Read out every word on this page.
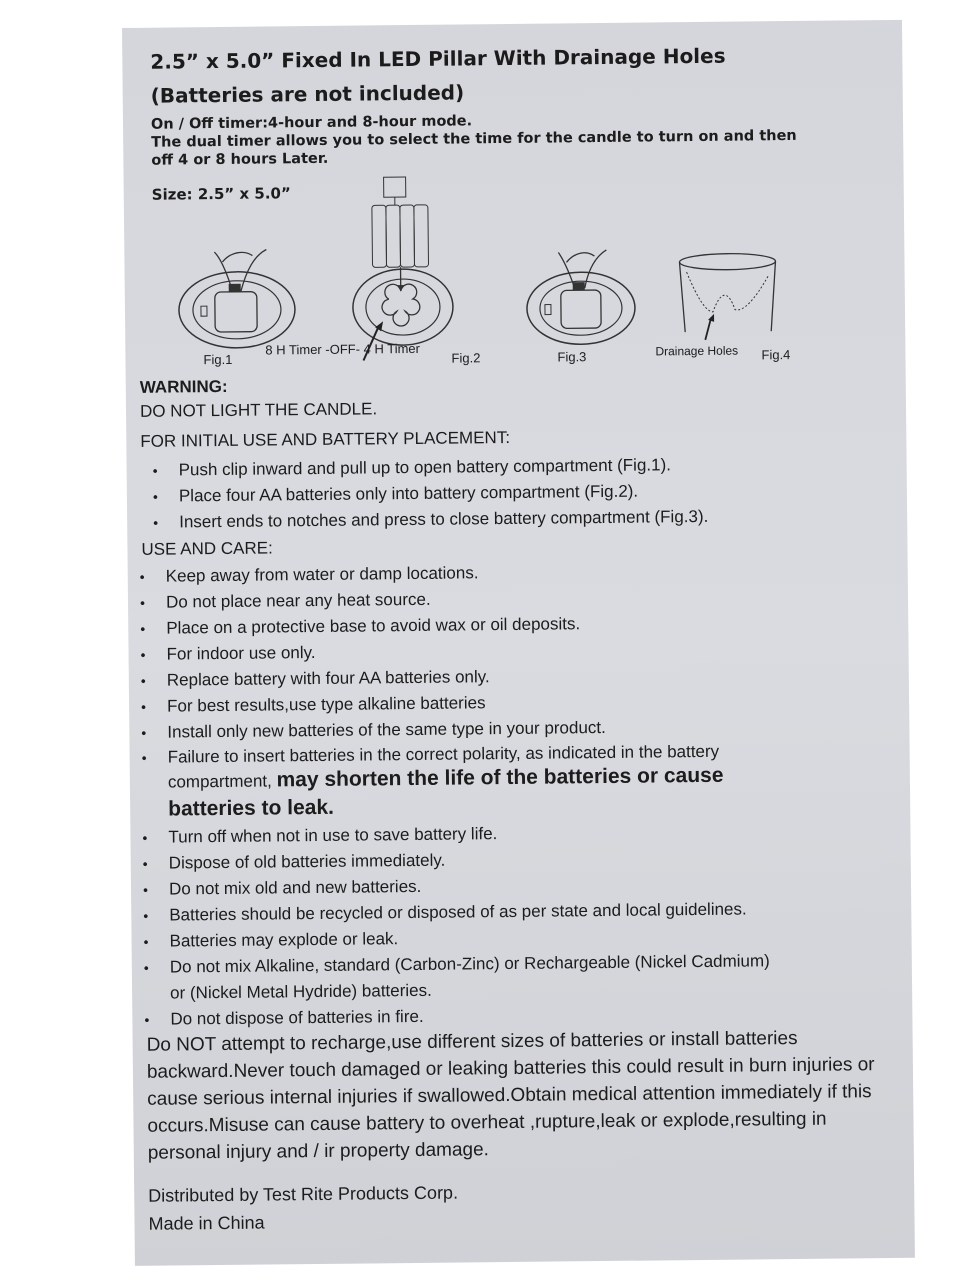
2.5” x 5.0” Fixed In LED Pillar With Drainage Holes
(Batteries are not included)
On / Off timer:4-hour and 8-hour mode.
The dual timer allows you to select the time for the candle to turn on and then off 4 or 8 hours Later.
Size: 2.5” x 5.0”
Fig.1
8 H Timer -OFF- 4 H Timer
Fig.2	Fig.3	Drainage Holes Fig.4
WARNING:
DO NOT LIGHT THE CANDLE.
FOR INITIAL USE AND BATTERY PLACEMENT:
• Push clip inward and pull up to open battery compartment (Fig.1).
• Place four AA batteries only into battery compartment (Fig.2).
• Insert ends to notches and press to close battery compartment (Fig.3).
USE AND CARE:
• Keep away from water or damp locations.
• Do not place near any heat source.
• Place on a protective base to avoid wax or oil deposits.
• For indoor use only.
• Replace battery with four AA batteries only.
• For best results,use type alkaline batteries
• Install only new batteries of the same type in your product.
• Failure to insert batteries in the correct polarity, as indicated in the battery
compartment, may shorten the life of the batteries or cause
batteries to leak.
• Turn off when not in use to save battery life.
• Dispose of old batteries immediately.
• Do not mix old and new batteries.
• Batteries should be recycled or disposed of as per state and local guidelines.
• Batteries may explode or leak.
• Do not mix Alkaline, standard (Carbon-Zinc) or Rechargeable (Nickel Cadmium)
or (Nickel Metal Hydride) batteries.
• Do not dispose of batteries in fire.
Do NOT attempt to recharge,use different sizes of batteries or install batteries backward.Never touch damaged or leaking batteries this could result in burn injuries or cause serious internal injuries if swallowed.Obtain medical attention immediately if this occurs.Misuse can cause battery to overheat ,rupture,leak or explode,resulting in personal injury and / ir property damage.
Distributed by Test Rite Products Corp.
Made in China
